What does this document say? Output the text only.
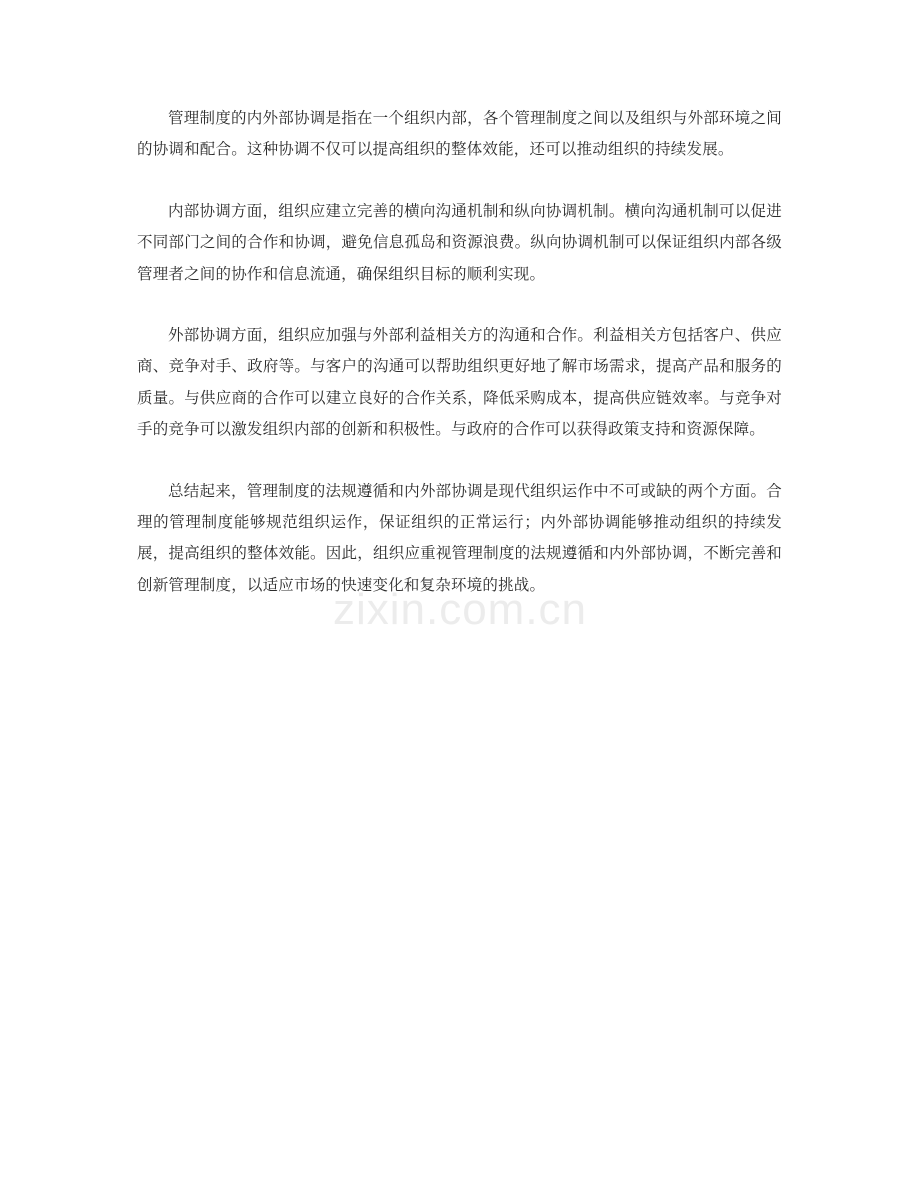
管理制度的内外部协调是指在一个组织内部，各个管理制度之间以及组织与外部环境之间的协调和配合。这种协调不仅可以提高组织的整体效能，还可以推动组织的持续发展。

内部协调方面，组织应建立完善的横向沟通机制和纵向协调机制。横向沟通机制可以促进不同部门之间的合作和协调，避免信息孤岛和资源浪费。纵向协调机制可以保证组织内部各级管理者之间的协作和信息流通，确保组织目标的顺利实现。

外部协调方面，组织应加强与外部利益相关方的沟通和合作。利益相关方包括客户、供应商、竞争对手、政府等。与客户的沟通可以帮助组织更好地了解市场需求，提高产品和服务的质量。与供应商的合作可以建立良好的合作关系，降低采购成本，提高供应链效率。与竞争对手的竞争可以激发组织内部的创新和积极性。与政府的合作可以获得政策支持和资源保障。

总结起来，管理制度的法规遵循和内外部协调是现代组织运作中不可或缺的两个方面。合理的管理制度能够规范组织运作，保证组织的正常运行；内外部协调能够推动组织的持续发展，提高组织的整体效能。因此，组织应重视管理制度的法规遵循和内外部协调，不断完善和创新管理制度，以适应市场的快速变化和复杂环境的挑战。

zixin.com.cn
